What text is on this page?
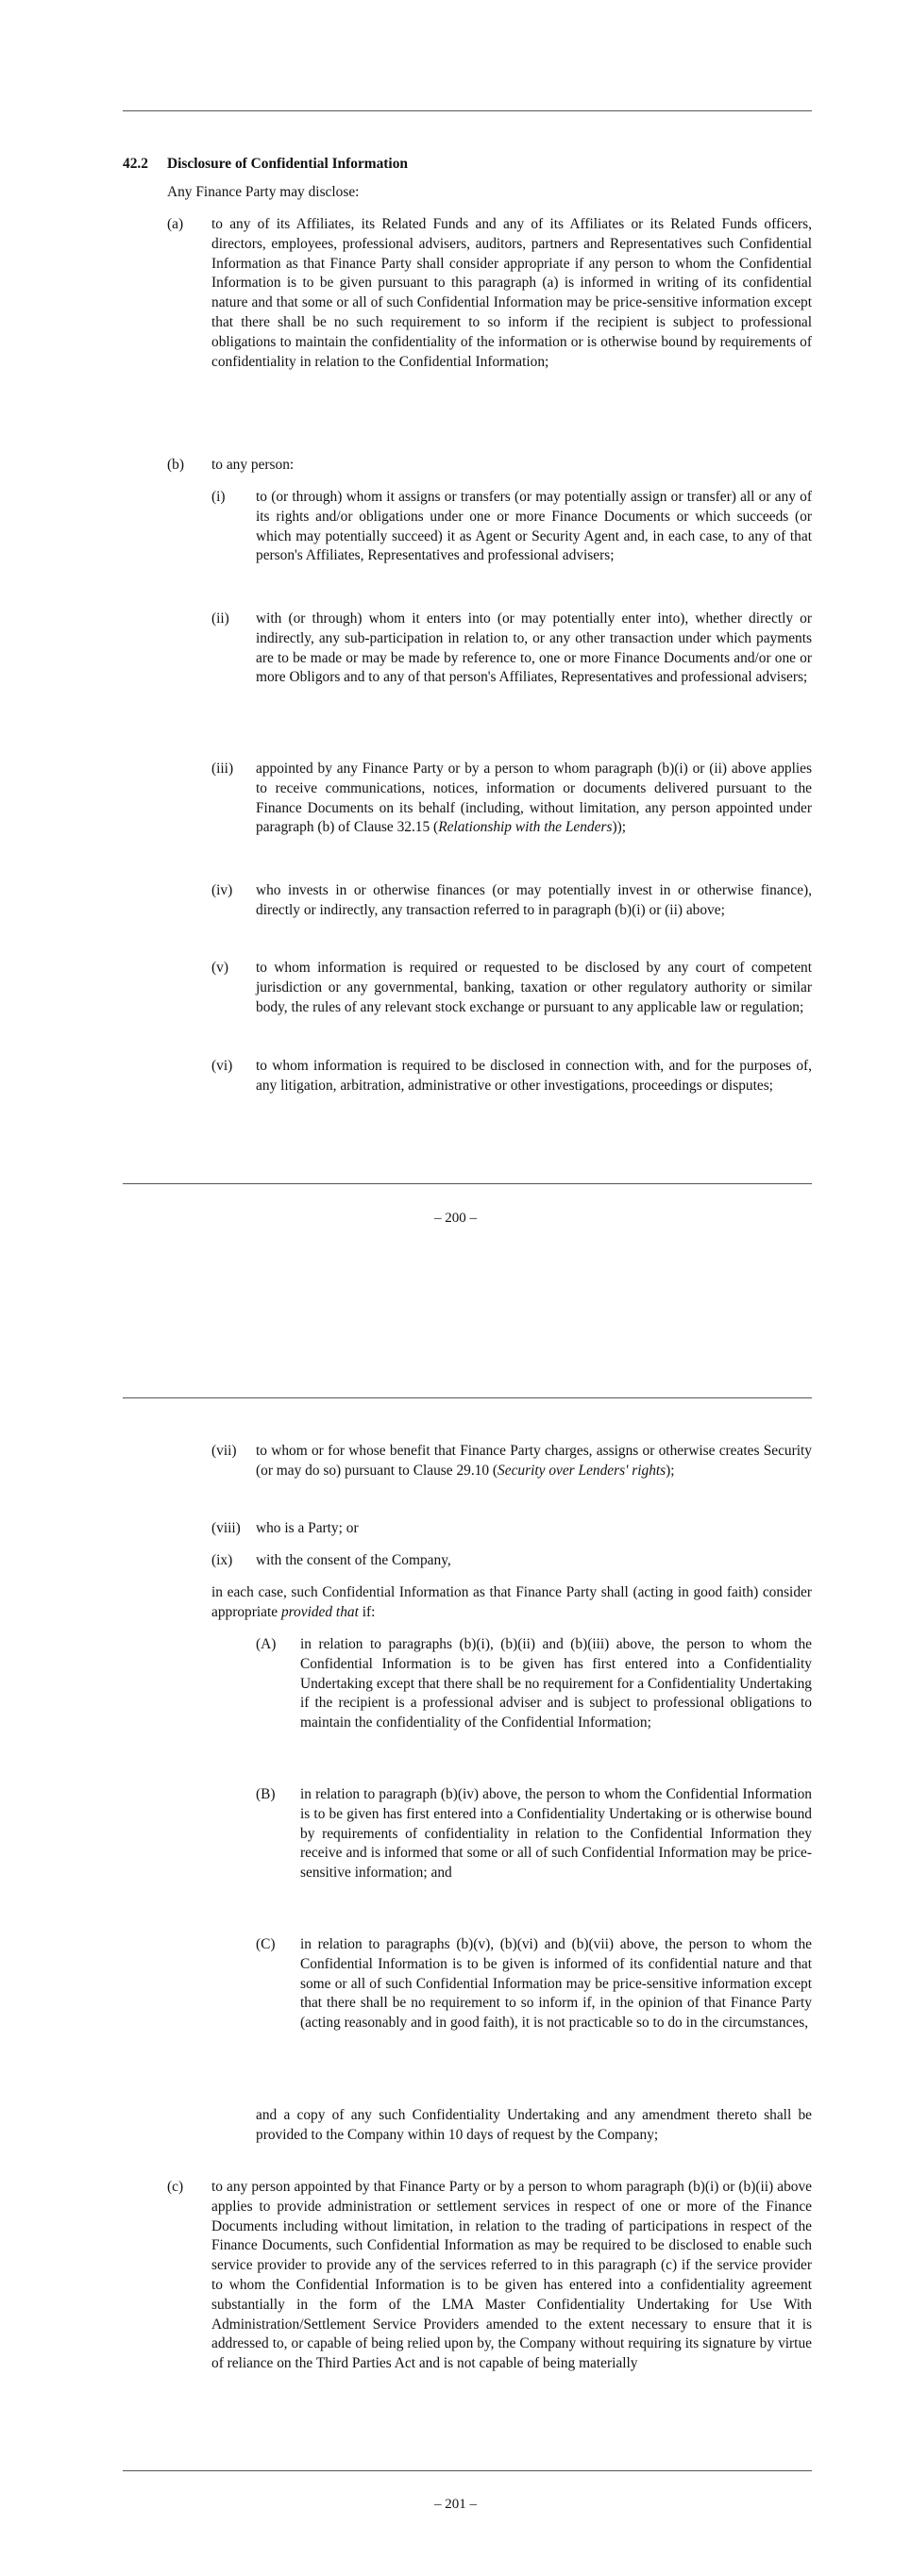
42.2 Disclosure of Confidential Information
Any Finance Party may disclose:
(a) to any of its Affiliates, its Related Funds and any of its Affiliates or its Related Funds officers, directors, employees, professional advisers, auditors, partners and Representatives such Confidential Information as that Finance Party shall consider appropriate if any person to whom the Confidential Information is to be given pursuant to this paragraph (a) is informed in writing of its confidential nature and that some or all of such Confidential Information may be price-sensitive information except that there shall be no such requirement to so inform if the recipient is subject to professional obligations to maintain the confidentiality of the information or is otherwise bound by requirements of confidentiality in relation to the Confidential Information;
(b) to any person:
(i) to (or through) whom it assigns or transfers (or may potentially assign or transfer) all or any of its rights and/or obligations under one or more Finance Documents or which succeeds (or which may potentially succeed) it as Agent or Security Agent and, in each case, to any of that person's Affiliates, Representatives and professional advisers;
(ii) with (or through) whom it enters into (or may potentially enter into), whether directly or indirectly, any sub-participation in relation to, or any other transaction under which payments are to be made or may be made by reference to, one or more Finance Documents and/or one or more Obligors and to any of that person's Affiliates, Representatives and professional advisers;
(iii) appointed by any Finance Party or by a person to whom paragraph (b)(i) or (ii) above applies to receive communications, notices, information or documents delivered pursuant to the Finance Documents on its behalf (including, without limitation, any person appointed under paragraph (b) of Clause 32.15 (Relationship with the Lenders));
(iv) who invests in or otherwise finances (or may potentially invest in or otherwise finance), directly or indirectly, any transaction referred to in paragraph (b)(i) or (ii) above;
(v) to whom information is required or requested to be disclosed by any court of competent jurisdiction or any governmental, banking, taxation or other regulatory authority or similar body, the rules of any relevant stock exchange or pursuant to any applicable law or regulation;
(vi) to whom information is required to be disclosed in connection with, and for the purposes of, any litigation, arbitration, administrative or other investigations, proceedings or disputes;
– 200 –
(vii) to whom or for whose benefit that Finance Party charges, assigns or otherwise creates Security (or may do so) pursuant to Clause 29.10 (Security over Lenders' rights);
(viii) who is a Party; or
(ix) with the consent of the Company,
in each case, such Confidential Information as that Finance Party shall (acting in good faith) consider appropriate provided that if:
(A) in relation to paragraphs (b)(i), (b)(ii) and (b)(iii) above, the person to whom the Confidential Information is to be given has first entered into a Confidentiality Undertaking except that there shall be no requirement for a Confidentiality Undertaking if the recipient is a professional adviser and is subject to professional obligations to maintain the confidentiality of the Confidential Information;
(B) in relation to paragraph (b)(iv) above, the person to whom the Confidential Information is to be given has first entered into a Confidentiality Undertaking or is otherwise bound by requirements of confidentiality in relation to the Confidential Information they receive and is informed that some or all of such Confidential Information may be price-sensitive information; and
(C) in relation to paragraphs (b)(v), (b)(vi) and (b)(vii) above, the person to whom the Confidential Information is to be given is informed of its confidential nature and that some or all of such Confidential Information may be price-sensitive information except that there shall be no requirement to so inform if, in the opinion of that Finance Party (acting reasonably and in good faith), it is not practicable so to do in the circumstances,
and a copy of any such Confidentiality Undertaking and any amendment thereto shall be provided to the Company within 10 days of request by the Company;
(c) to any person appointed by that Finance Party or by a person to whom paragraph (b)(i) or (b)(ii) above applies to provide administration or settlement services in respect of one or more of the Finance Documents including without limitation, in relation to the trading of participations in respect of the Finance Documents, such Confidential Information as may be required to be disclosed to enable such service provider to provide any of the services referred to in this paragraph (c) if the service provider to whom the Confidential Information is to be given has entered into a confidentiality agreement substantially in the form of the LMA Master Confidentiality Undertaking for Use With Administration/Settlement Service Providers amended to the extent necessary to ensure that it is addressed to, or capable of being relied upon by, the Company without requiring its signature by virtue of reliance on the Third Parties Act and is not capable of being materially
– 201 –
